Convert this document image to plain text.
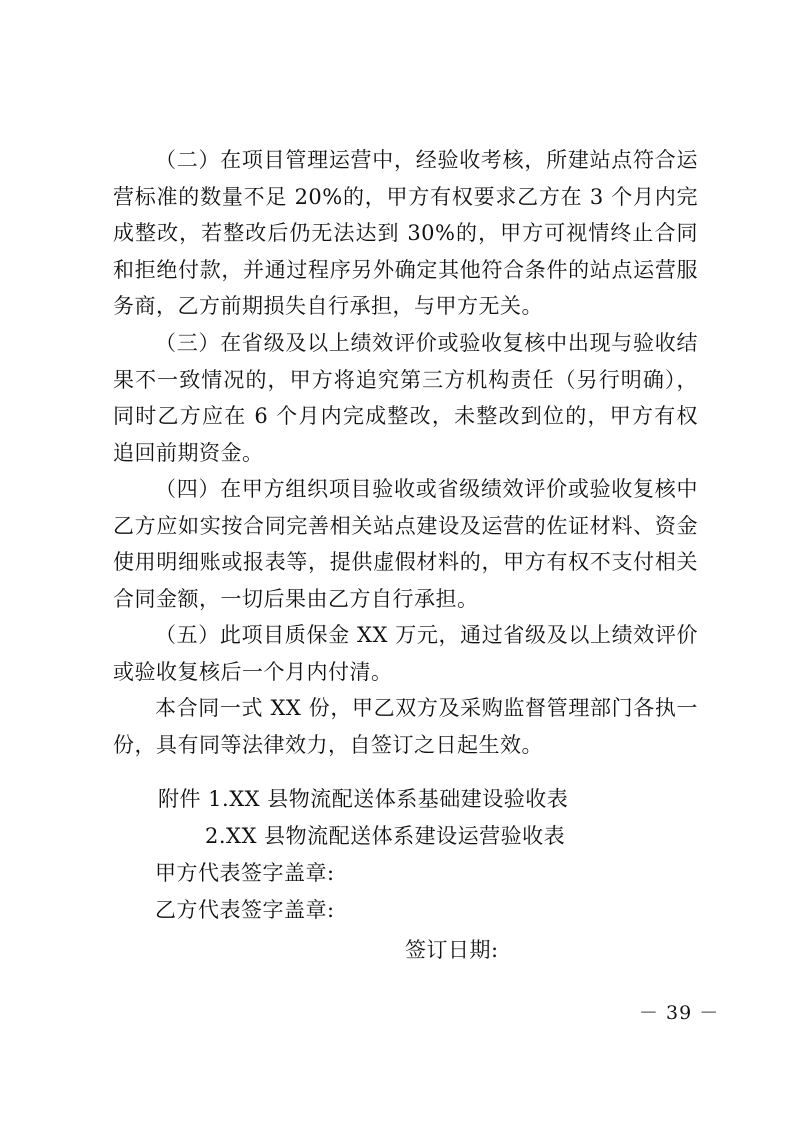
（二）在项目管理运营中，经验收考核，所建站点符合运营标准的数量不足 20%的，甲方有权要求乙方在 3 个月内完成整改，若整改后仍无法达到 30%的，甲方可视情终止合同和拒绝付款，并通过程序另外确定其他符合条件的站点运营服务商，乙方前期损失自行承担，与甲方无关。

（三）在省级及以上绩效评价或验收复核中出现与验收结果不一致情况的，甲方将追究第三方机构责任（另行明确），同时乙方应在 6 个月内完成整改，未整改到位的，甲方有权追回前期资金。

（四）在甲方组织项目验收或省级绩效评价或验收复核中乙方应如实按合同完善相关站点建设及运营的佐证材料、资金使用明细账或报表等，提供虚假材料的，甲方有权不支付相关合同金额，一切后果由乙方自行承担。

（五）此项目质保金 XX 万元，通过省级及以上绩效评价或验收复核后一个月内付清。

本合同一式 XX 份，甲乙双方及采购监督管理部门各执一份，具有同等法律效力，自签订之日起生效。

附件 1.XX 县物流配送体系基础建设验收表
2.XX 县物流配送体系建设运营验收表
甲方代表签字盖章:
乙方代表签字盖章:
签订日期:
－ 39 －
